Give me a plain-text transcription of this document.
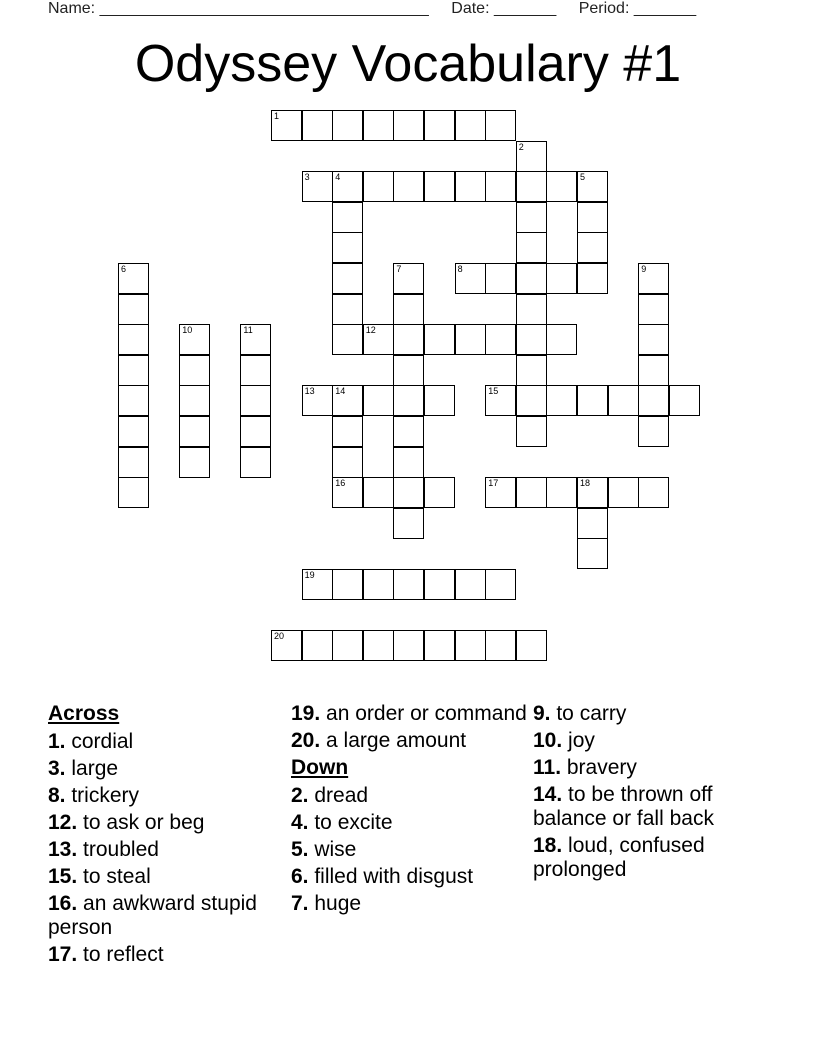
Name: _____________________________________ Date: _______ Period: _______
Odyssey Vocabulary #1
1
2
3	4	5
6	7	8	9
10	11	12
13 14
16
15
17	18
19
20
Across
1. cordial
3. large
8. trickery
12. to ask or beg
13. troubled
15. to steal
16. an awkward stupid person
17. to reflect
19. an order or command
20. a large amount
Down
2. dread
4. to excite
5. wise
6. filled with disgust
7. huge
9. to carry
10. joy
11. bravery
14. to be thrown off balance or fall back
18. loud, confused prolonged
